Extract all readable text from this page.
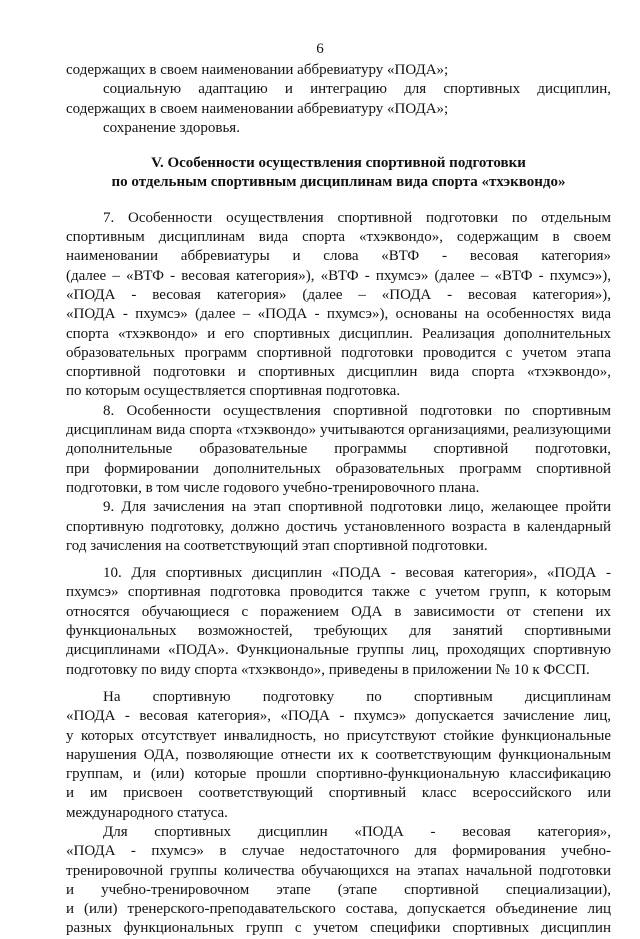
6
содержащих в своем наименовании аббревиатуру «ПОДА»;
социальную адаптацию и интеграцию для спортивных дисциплин,
содержащих в своем наименовании аббревиатуру «ПОДА»;
сохранение здоровья.
V. Особенности осуществления спортивной подготовки
по отдельным спортивным дисциплинам вида спорта «тхэквондо»
7. Особенности осуществления спортивной подготовки по отдельным
спортивным дисциплинам вида спорта «тхэквондо», содержащим в своем
наименовании аббревиатуры и слова «ВТФ - весовая категория»
(далее – «ВТФ - весовая категория»), «ВТФ - пхумсэ» (далее – «ВТФ - пхумсэ»),
«ПОДА - весовая категория» (далее – «ПОДА - весовая категория»),
«ПОДА - пхумсэ» (далее – «ПОДА - пхумсэ»), основаны на особенностях вида
спорта «тхэквондо» и его спортивных дисциплин. Реализация дополнительных
образовательных программ спортивной подготовки проводится с учетом этапа
спортивной подготовки и спортивных дисциплин вида спорта «тхэквондо»,
по которым осуществляется спортивная подготовка.
8. Особенности осуществления спортивной подготовки по спортивным
дисциплинам вида спорта «тхэквондо» учитываются организациями, реализующими
дополнительные образовательные программы спортивной подготовки,
при формировании дополнительных образовательных программ спортивной
подготовки, в том числе годового учебно-тренировочного плана.
9. Для зачисления на этап спортивной подготовки лицо, желающее пройти
спортивную подготовку, должно достичь установленного возраста в календарный
год зачисления на соответствующий этап спортивной подготовки.
10. Для спортивных дисциплин «ПОДА - весовая категория», «ПОДА -
пхумсэ» спортивная подготовка проводится также с учетом групп, к которым
относятся обучающиеся с поражением ОДА в зависимости от степени их
функциональных возможностей, требующих для занятий спортивными
дисциплинами «ПОДА». Функциональные группы лиц, проходящих спортивную
подготовку по виду спорта «тхэквондо», приведены в приложении № 10 к ФССП.
На спортивную подготовку по спортивным дисциплинам
«ПОДА - весовая категория», «ПОДА - пхумсэ» допускается зачисление лиц,
у которых отсутствует инвалидность, но присутствуют стойкие функциональные
нарушения ОДА, позволяющие отнести их к соответствующим функциональным
группам, и (или) которые прошли спортивно-функциональную классификацию
и им присвоен соответствующий спортивный класс всероссийского или
международного статуса.
Для спортивных дисциплин «ПОДА - весовая категория»,
«ПОДА - пхумсэ» в случае недостаточного для формирования учебно-
тренировочной группы количества обучающихся на этапах начальной подготовки
и учебно-тренировочном этапе (этапе спортивной специализации),
и (или) тренерского-преподавательского состава, допускается объединение лиц
разных функциональных групп с учетом специфики спортивных дисциплин
